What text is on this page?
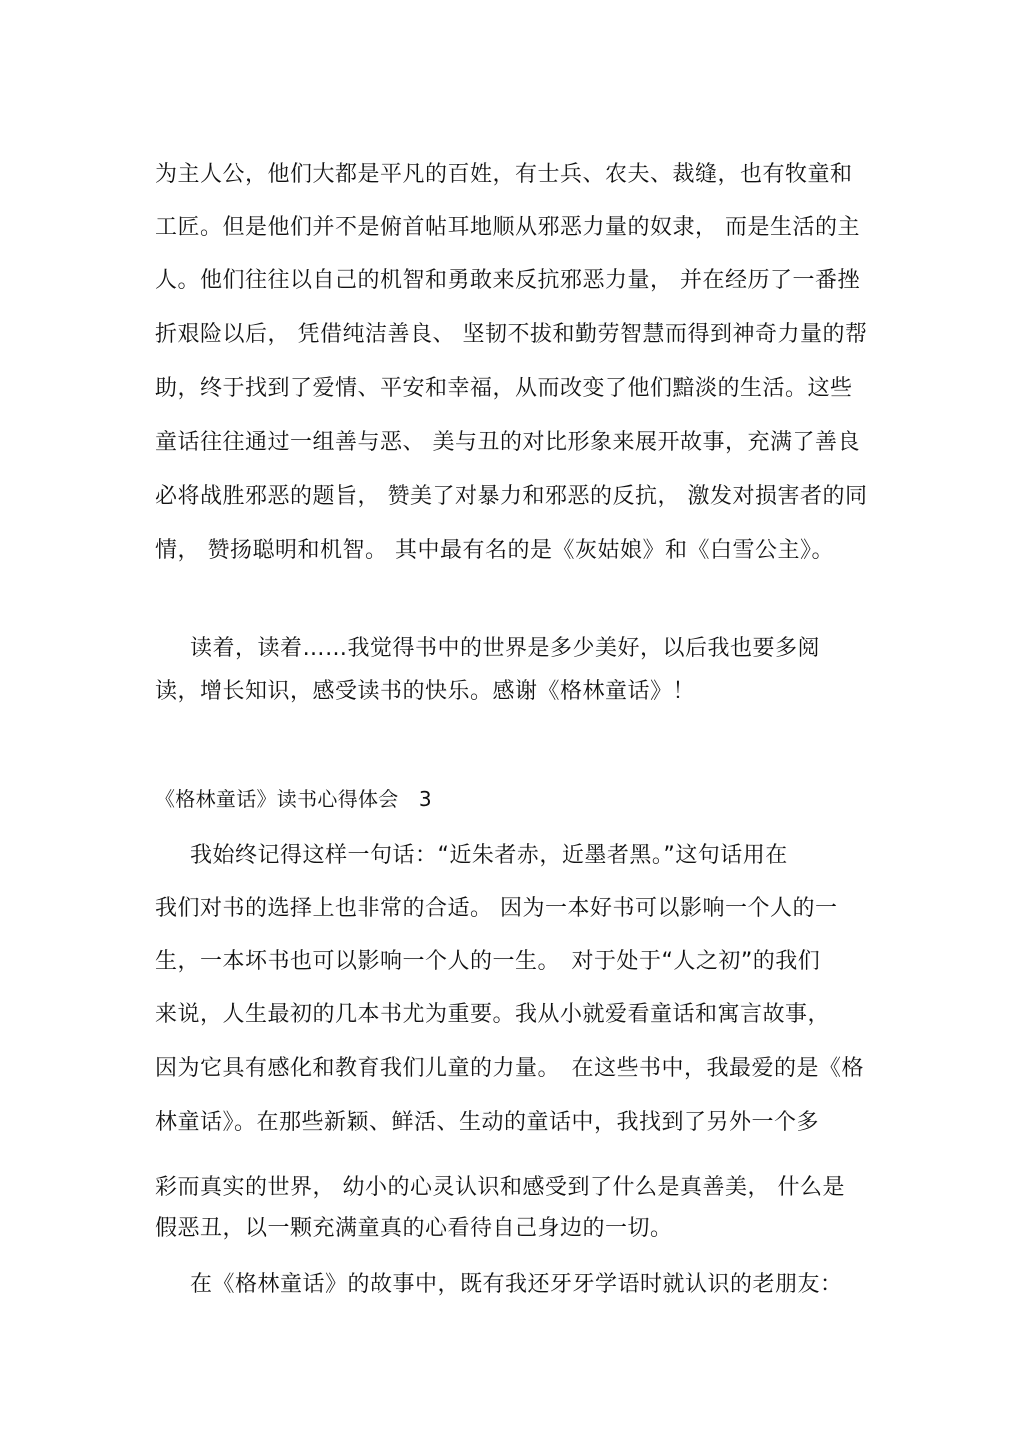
为主人公，他们大都是平凡的百姓，有士兵、农夫、裁缝，也有牧童和
工匠。但是他们并不是俯首帖耳地顺从邪恶力量的奴隶， 而是生活的主
人。他们往往以自己的机智和勇敢来反抗邪恶力量， 并在经历了一番挫
折艰险以后， 凭借纯洁善良、 坚韧不拔和勤劳智慧而得到神奇力量的帮
助，终于找到了爱情、平安和幸福，从而改变了他们黯淡的生活。这些
童话往往通过一组善与恶、 美与丑的对比形象来展开故事，充满了善良
必将战胜邪恶的题旨， 赞美了对暴力和邪恶的反抗， 激发对损害者的同
情， 赞扬聪明和机智。 其中最有名的是《灰姑娘》和《白雪公主》。
读着，读着……我觉得书中的世界是多少美好，以后我也要多阅
读，增长知识，感受读书的快乐。感谢《格林童话》！
《格林童话》读书心得体会　3
我始终记得这样一句话：“近朱者赤，近墨者黑。”这句话用在
我们对书的选择上也非常的合适。 因为一本好书可以影响一个人的一
生，一本坏书也可以影响一个人的一生。　对于处于“人之初”的我们
来说，人生最初的几本书尤为重要。我从小就爱看童话和寓言故事，
因为它具有感化和教育我们儿童的力量。　在这些书中，我最爱的是《格
林童话》。在那些新颖、鲜活、生动的童话中，我找到了另外一个多
彩而真实的世界， 幼小的心灵认识和感受到了什么是真善美， 什么是
假恶丑，以一颗充满童真的心看待自己身边的一切。
在《格林童话》的故事中，既有我还牙牙学语时就认识的老朋友：
